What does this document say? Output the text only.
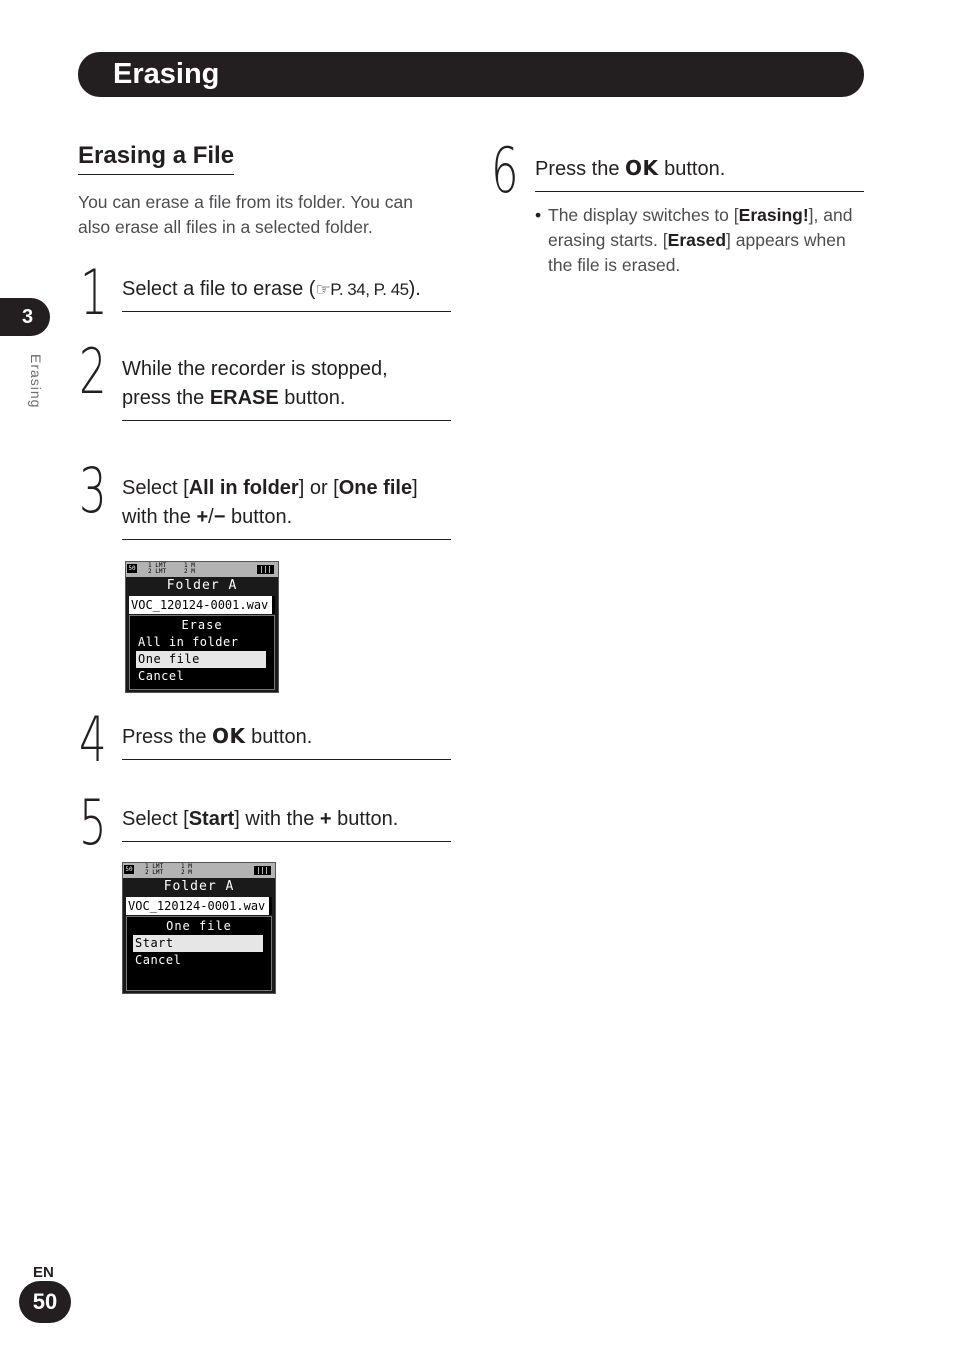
Erasing
3
Erasing
Erasing a File
You can erase a file from its folder. You can also erase all files in a selected folder.
1 Select a file to erase (☞P. 34, P. 45).
2 While the recorder is stopped,
press the ERASE button.
3 Select [All in folder] or [One file]
with the +/− button.
50 1 LMT
2 LMT
1 M
2 M
Folder A
VOC_120124-0001.wav
Erase
All in folder
One file
Cancel
4 Press the OK button.
5 Select [Start] with the + button.
50 1 LMT
2 LMT
1 M
2 M
Folder A
VOC_120124-0001.wav
One file
Start
Cancel
6 Press the OK button.
• The display switches to [Erasing!], and erasing starts. [Erased] appears when the file is erased.
EN
50
